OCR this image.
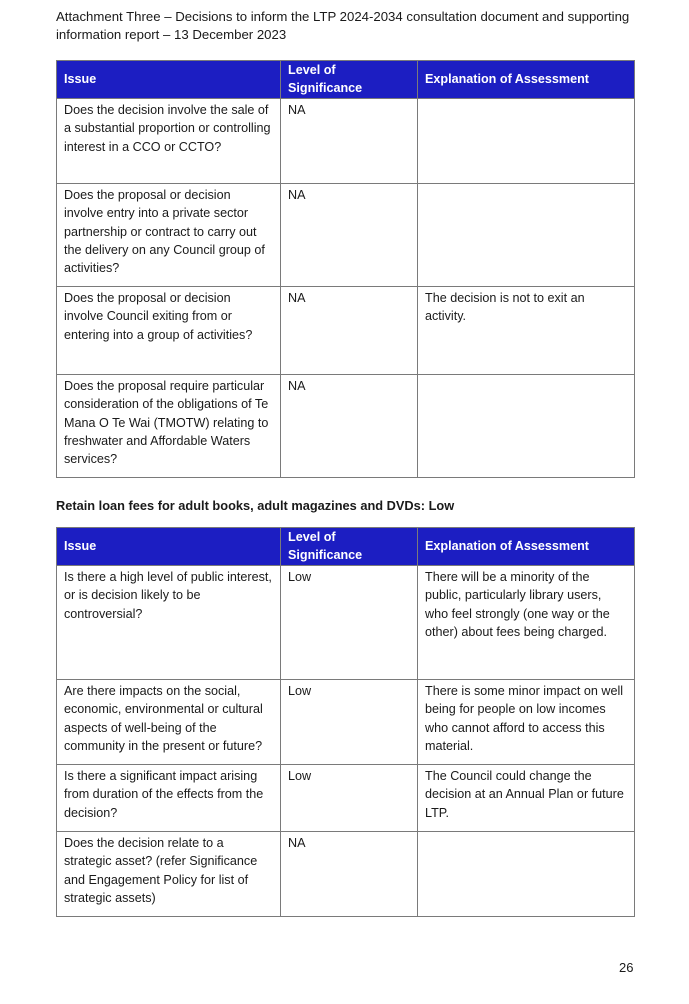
Attachment Three – Decisions to inform the LTP 2024-2034 consultation document and supporting
information report – 13 December 2023
Issue	Level of Significance	Explanation of Assessment
Does the decision involve the sale of a substantial proportion or controlling interest in a CCO or CCTO?	NA	
Does the proposal or decision involve entry into a private sector partnership or contract to carry out the delivery on any Council group of activities?	NA	
Does the proposal or decision involve Council exiting from or entering into a group of activities?	NA	The decision is not to exit an activity.
Does the proposal require particular consideration of the obligations of Te Mana O Te Wai (TMOTW) relating to freshwater and Affordable Waters services?	NA	
Retain loan fees for adult books, adult magazines and DVDs: Low
Issue	Level of Significance	Explanation of Assessment
Is there a high level of public interest, or is decision likely to be controversial?	Low	There will be a minority of the public, particularly library users, who feel strongly (one way or the other) about fees being charged.
Are there impacts on the social, economic, environmental or cultural aspects of well-being of the community in the present or future?	Low	There is some minor impact on well being for people on low incomes who cannot afford to access this material.
Is there a significant impact arising from duration of the effects from the decision?	Low	The Council could change the decision at an Annual Plan or future LTP.
Does the decision relate to a strategic asset? (refer Significance and Engagement Policy for list of strategic assets)	NA	
26
